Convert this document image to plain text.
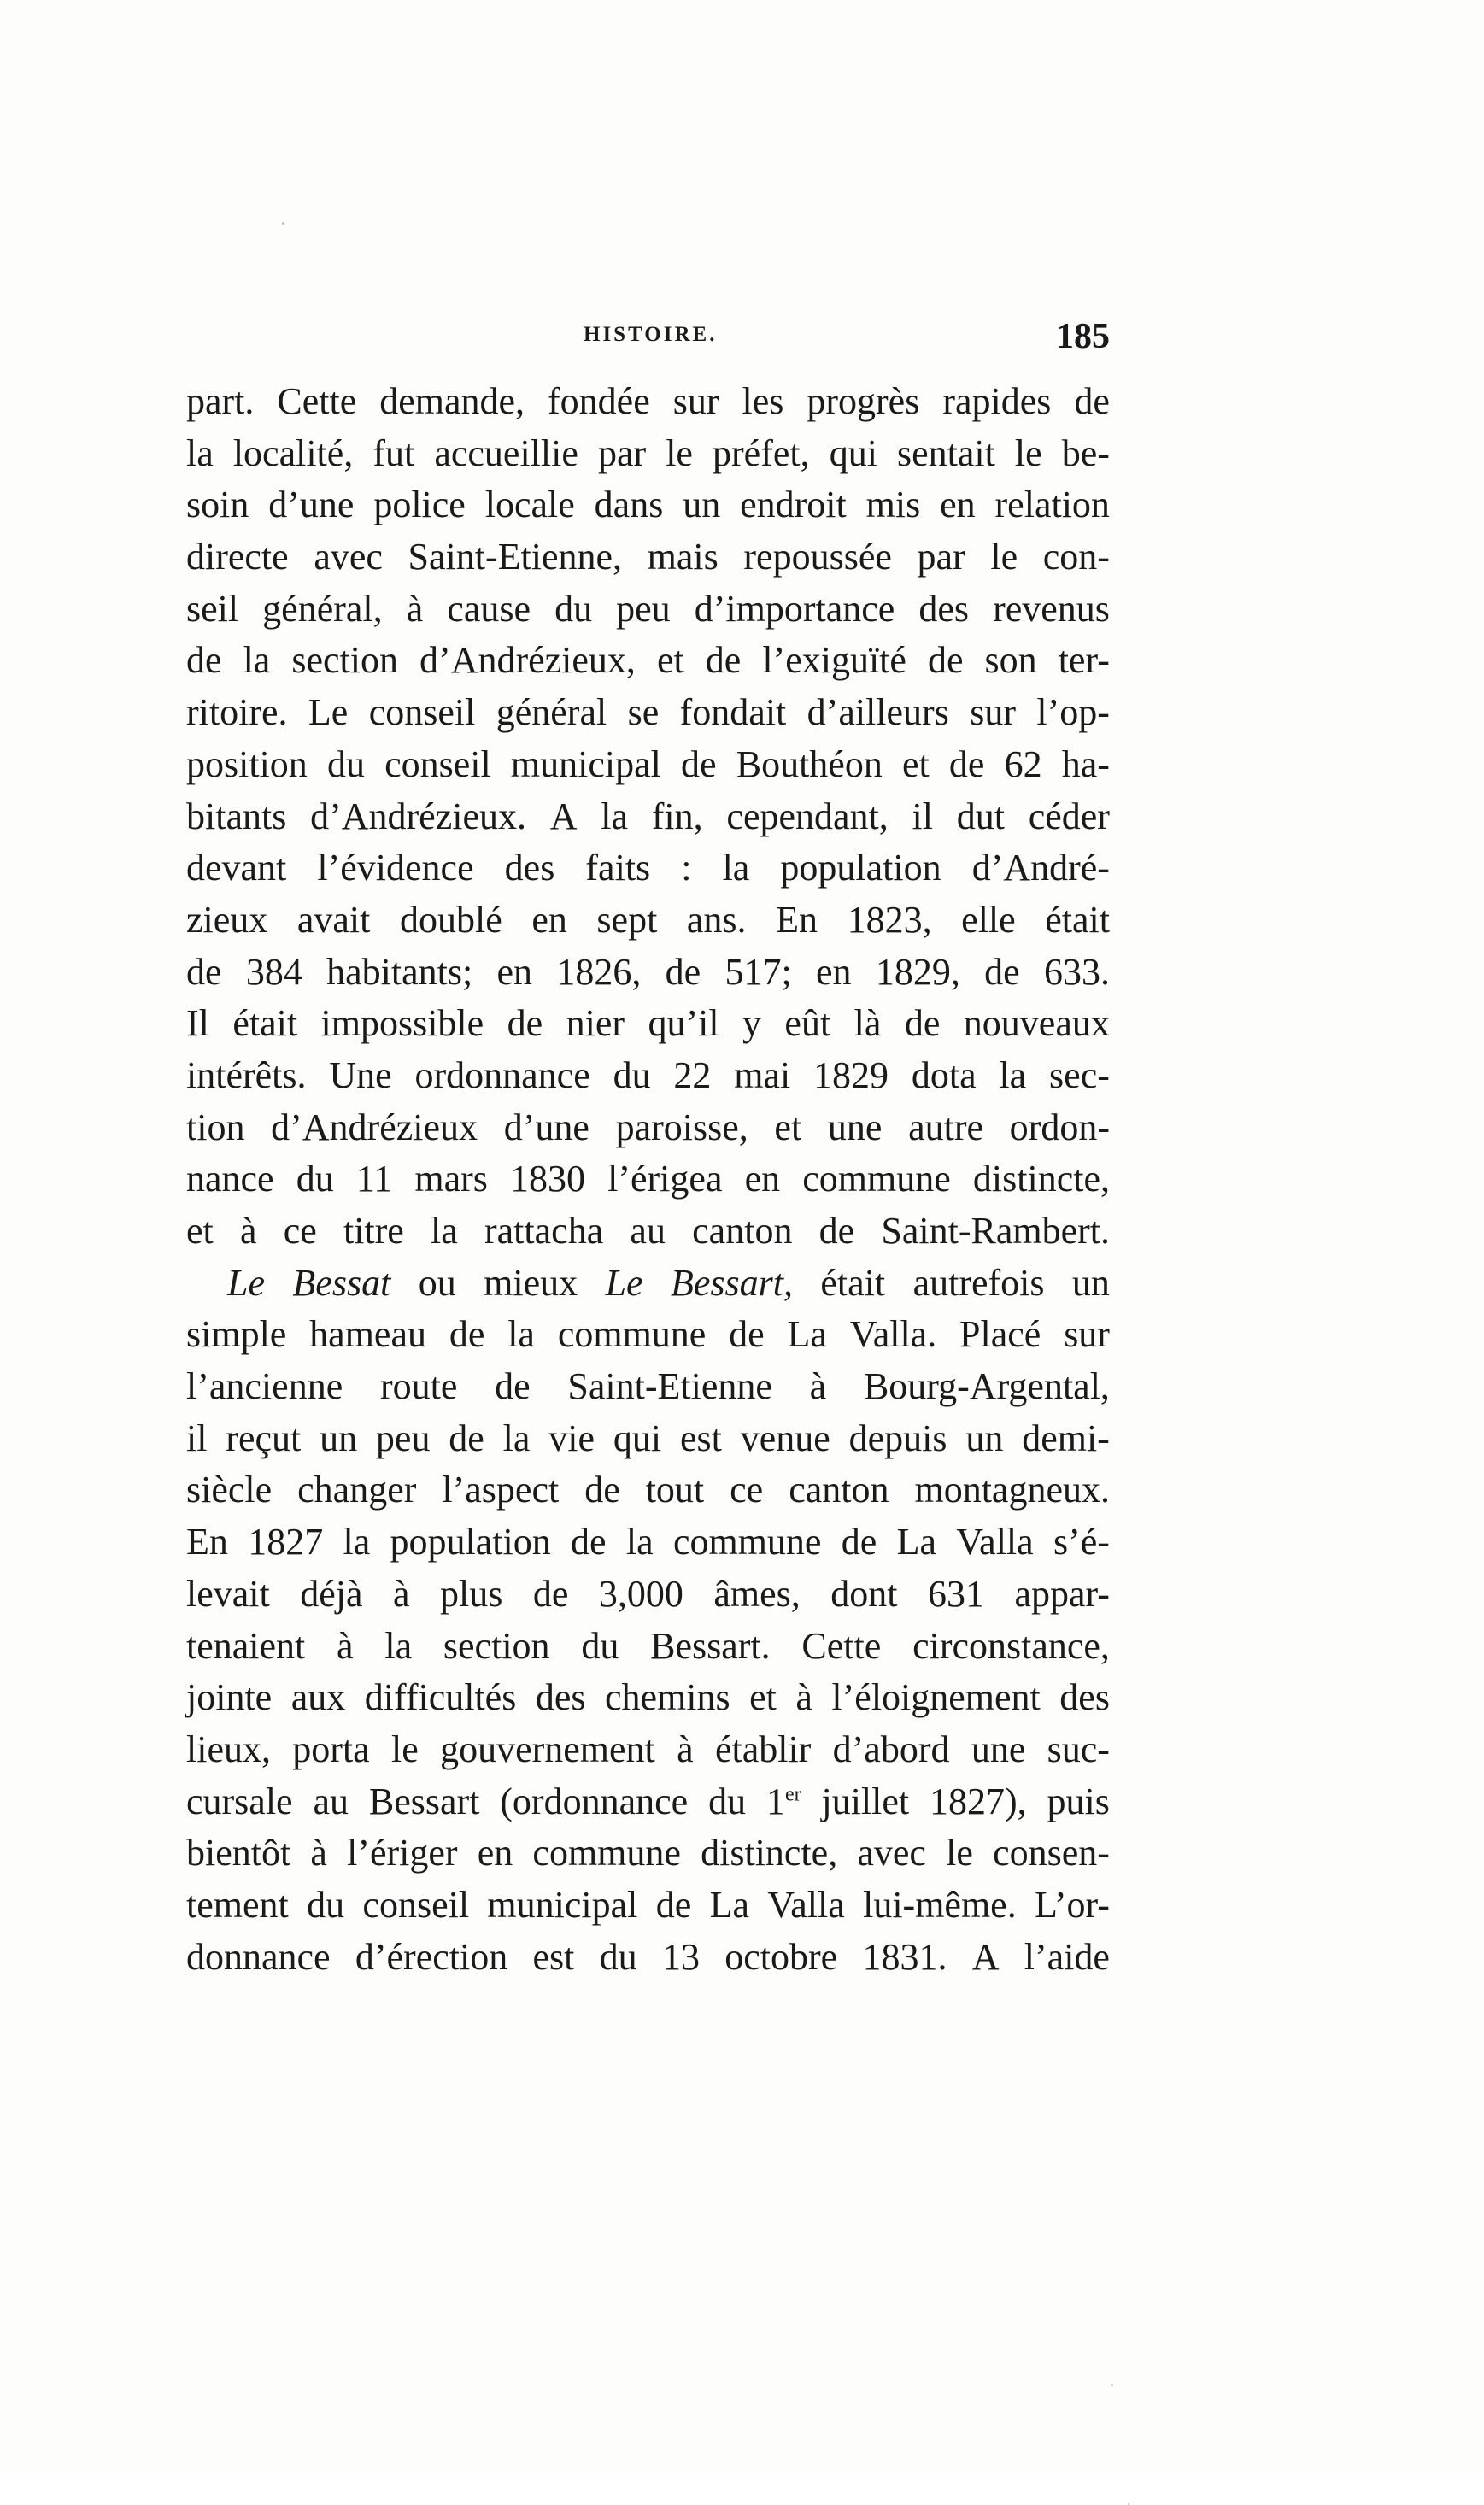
HISTOIRE.	185
part. Cette demande, fondée sur les progrès rapides de
la localité, fut accueillie par le préfet, qui sentait le be-
soin d’une police locale dans un endroit mis en relation
directe avec Saint-Etienne, mais repoussée par le con-
seil général, à cause du peu d’importance des revenus
de la section d’Andrézieux, et de l’exiguïté de son ter-
ritoire. Le conseil général se fondait d’ailleurs sur l’op-
position du conseil municipal de Bouthéon et de 62 ha-
bitants d’Andrézieux. A la fin, cependant, il dut céder
devant l’évidence des faits : la population d’André-
zieux avait doublé en sept ans. En 1823, elle était
de 384 habitants; en 1826, de 517; en 1829, de 633.
Il était impossible de nier qu’il y eût là de nouveaux
intérêts. Une ordonnance du 22 mai 1829 dota la sec-
tion d’Andrézieux d’une paroisse, et une autre ordon-
nance du 11 mars 1830 l’érigea en commune distincte,
et à ce titre la rattacha au canton de Saint-Rambert.
Le Bessat ou mieux Le Bessart, était autrefois un
simple hameau de la commune de La Valla. Placé sur
l’ancienne route de Saint-Etienne à Bourg-Argental,
il reçut un peu de la vie qui est venue depuis un demi-
siècle changer l’aspect de tout ce canton montagneux.
En 1827 la population de la commune de La Valla s’é-
levait déjà à plus de 3,000 âmes, dont 631 appar-
tenaient à la section du Bessart. Cette circonstance,
jointe aux difficultés des chemins et à l’éloignement des
lieux, porta le gouvernement à établir d’abord une suc-
cursale au Bessart (ordonnance du 1er juillet 1827), puis
bientôt à l’ériger en commune distincte, avec le consen-
tement du conseil municipal de La Valla lui-même. L’or-
donnance d’érection est du 13 octobre 1831. A l’aide
